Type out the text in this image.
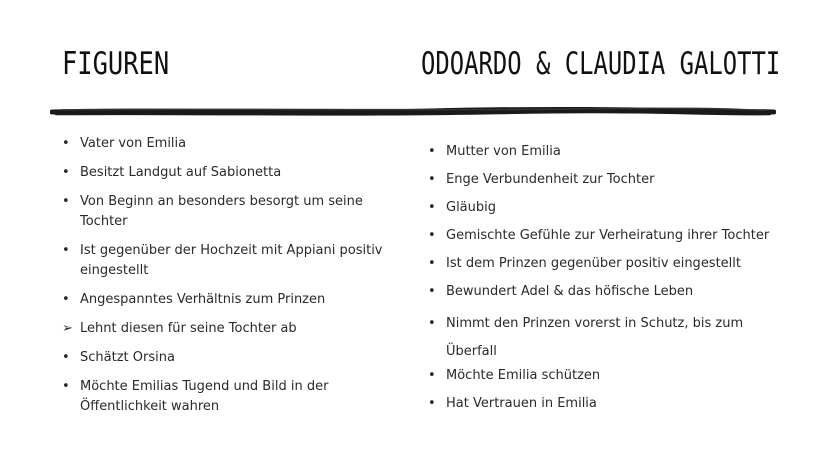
FIGUREN	ODOARDO & CLAUDIA GALOTTI
• Vater von Emilia
• Besitzt Landgut auf Sabionetta
• Von Beginn an besonders besorgt um seine Tochter
• Ist gegenüber der Hochzeit mit Appiani positiv eingestellt
• Angespanntes Verhältnis zum Prinzen
➢ Lehnt diesen für seine Tochter ab
• Schätzt Orsina
• Möchte Emilias Tugend und Bild in der Öffentlichkeit wahren
• Mutter von Emilia
• Enge Verbundenheit zur Tochter
• Gläubig
• Gemischte Gefühle zur Verheiratung ihrer Tochter
• Ist dem Prinzen gegenüber positiv eingestellt
• Bewundert Adel & das höfische Leben
• Nimmt den Prinzen vorerst in Schutz, bis zum Überfall
• Möchte Emilia schützen
• Hat Vertrauen in Emilia
